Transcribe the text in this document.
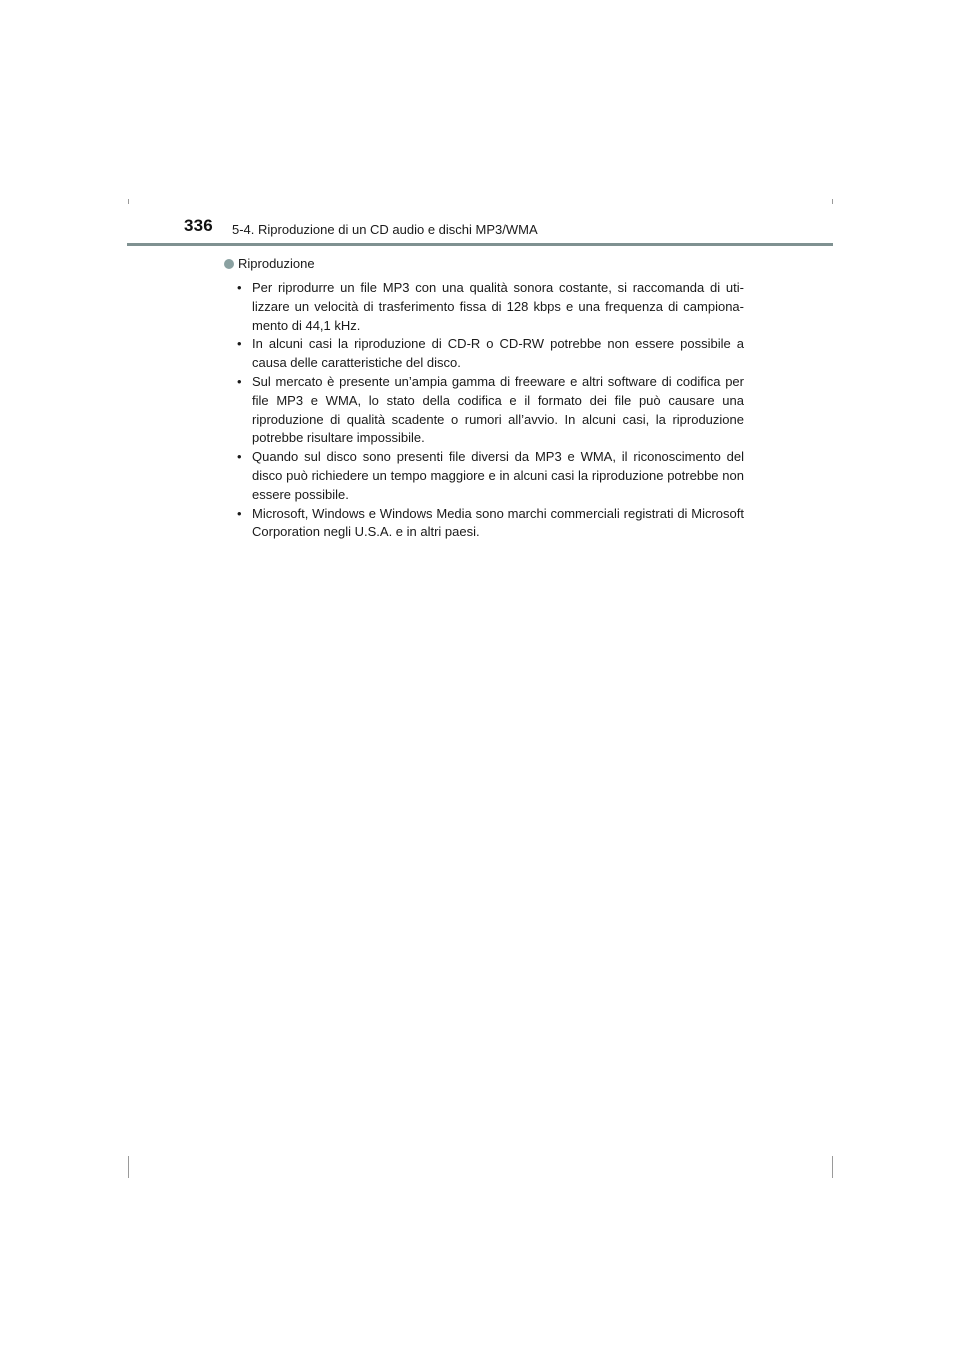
336 5-4. Riproduzione di un CD audio e dischi MP3/WMA
Riproduzione
• Per riprodurre un file MP3 con una qualità sonora costante, si raccomanda di uti-lizzare un velocità di trasferimento fissa di 128 kbps e una frequenza di campiona-mento di 44,1 kHz.
• In alcuni casi la riproduzione di CD-R o CD-RW potrebbe non essere possibile a causa delle caratteristiche del disco.
• Sul mercato è presente un’ampia gamma di freeware e altri software di codifica per file MP3 e WMA, lo stato della codifica e il formato dei file può causare una riproduzione di qualità scadente o rumori all’avvio. In alcuni casi, la riproduzione potrebbe risultare impossibile.
• Quando sul disco sono presenti file diversi da MP3 e WMA, il riconoscimento del disco può richiedere un tempo maggiore e in alcuni casi la riproduzione potrebbe non essere possibile.
• Microsoft, Windows e Windows Media sono marchi commerciali registrati di Microsoft Corporation negli U.S.A. e in altri paesi.
